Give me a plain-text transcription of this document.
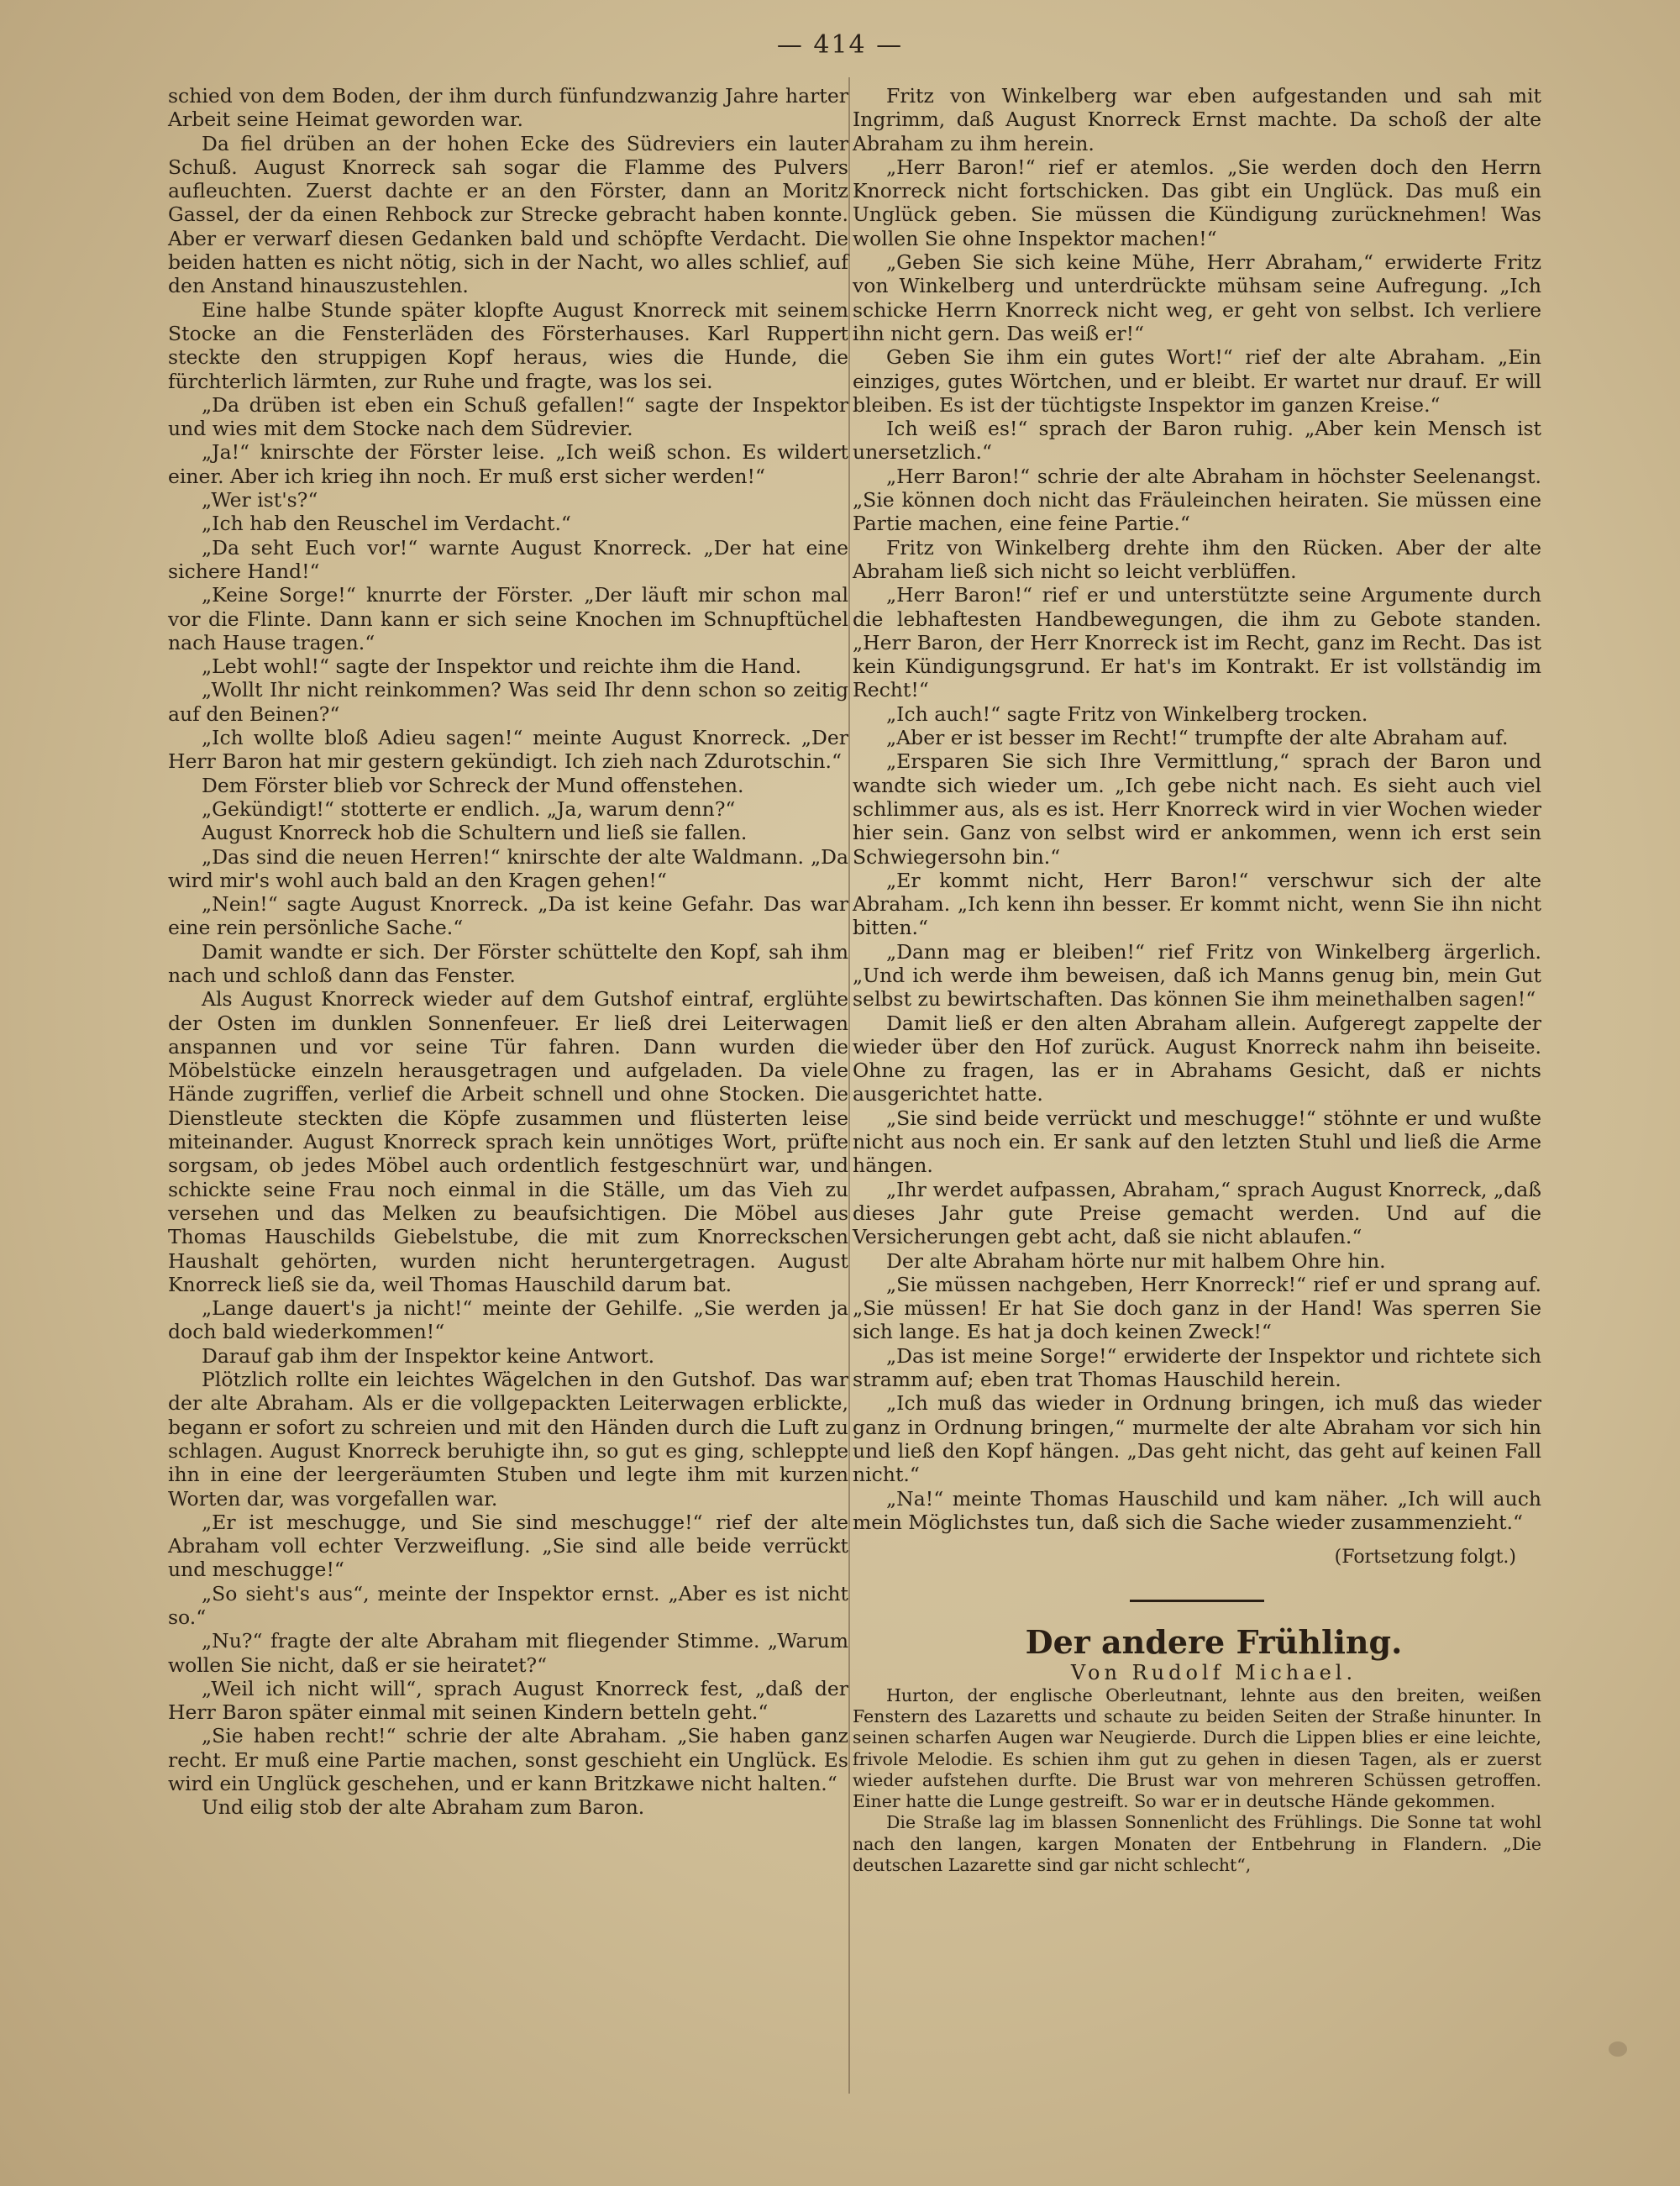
— 414 —

schied von dem Boden, der ihm durch fünfundzwanzig Jahre harter Arbeit seine Heimat geworden war.

Da fiel drüben an der hohen Ecke des Südreviers ein lauter Schuß. August Knorreck sah sogar die Flamme des Pulvers aufleuchten. Zuerst dachte er an den Förster, dann an Moritz Gassel, der da einen Rehbock zur Strecke gebracht haben konnte. Aber er verwarf diesen Gedanken bald und schöpfte Verdacht. Die beiden hatten es nicht nötig, sich in der Nacht, wo alles schlief, auf den Anstand hinauszustehlen.

Eine halbe Stunde später klopfte August Knorreck mit seinem Stocke an die Fensterläden des Försterhauses. Karl Ruppert steckte den struppigen Kopf heraus, wies die Hunde, die fürchterlich lärmten, zur Ruhe und fragte, was los sei.

„Da drüben ist eben ein Schuß gefallen!“ sagte der Inspektor und wies mit dem Stocke nach dem Südrevier.

„Ja!“ knirschte der Förster leise. „Ich weiß schon. Es wildert einer. Aber ich krieg ihn noch. Er muß erst sicher werden!“

„Wer ist's?“

„Ich hab den Reuschel im Verdacht.“

„Da seht Euch vor!“ warnte August Knorreck. „Der hat eine sichere Hand!“

„Keine Sorge!“ knurrte der Förster. „Der läuft mir schon mal vor die Flinte. Dann kann er sich seine Knochen im Schnupftüchel nach Hause tragen.“

„Lebt wohl!“ sagte der Inspektor und reichte ihm die Hand.

„Wollt Ihr nicht reinkommen? Was seid Ihr denn schon so zeitig auf den Beinen?“

„Ich wollte bloß Adieu sagen!“ meinte August Knorreck. „Der Herr Baron hat mir gestern gekündigt. Ich zieh nach Zdurotschin.“

Dem Förster blieb vor Schreck der Mund offenstehen.

„Gekündigt!“ stotterte er endlich. „Ja, warum denn?“

August Knorreck hob die Schultern und ließ sie fallen.

„Das sind die neuen Herren!“ knirschte der alte Waldmann. „Da wird mir's wohl auch bald an den Kragen gehen!“

„Nein!“ sagte August Knorreck. „Da ist keine Gefahr. Das war eine rein persönliche Sache.“

Damit wandte er sich. Der Förster schüttelte den Kopf, sah ihm nach und schloß dann das Fenster.

Als August Knorreck wieder auf dem Gutshof eintraf, erglühte der Osten im dunklen Sonnenfeuer. Er ließ drei Leiterwagen anspannen und vor seine Tür fahren. Dann wurden die Möbelstücke einzeln herausgetragen und aufgeladen. Da viele Hände zugriffen, verlief die Arbeit schnell und ohne Stocken. Die Dienstleute steckten die Köpfe zusammen und flüsterten leise miteinander. August Knorreck sprach kein unnötiges Wort, prüfte sorgsam, ob jedes Möbel auch ordentlich festgeschnürt war, und schickte seine Frau noch einmal in die Ställe, um das Vieh zu versehen und das Melken zu beaufsichtigen. Die Möbel aus Thomas Hauschilds Giebelstube, die mit zum Knorreckschen Haushalt gehörten, wurden nicht heruntergetragen. August Knorreck ließ sie da, weil Thomas Hauschild darum bat.

„Lange dauert's ja nicht!“ meinte der Gehilfe. „Sie werden ja doch bald wiederkommen!“

Darauf gab ihm der Inspektor keine Antwort.

Plötzlich rollte ein leichtes Wägelchen in den Gutshof. Das war der alte Abraham. Als er die vollgepackten Leiterwagen erblickte, begann er sofort zu schreien und mit den Händen durch die Luft zu schlagen. August Knorreck beruhigte ihn, so gut es ging, schleppte ihn in eine der leergeräumten Stuben und legte ihm mit kurzen Worten dar, was vorgefallen war.

„Er ist meschugge, und Sie sind meschugge!“ rief der alte Abraham voll echter Verzweiflung. „Sie sind alle beide verrückt und meschugge!“

„So sieht's aus“, meinte der Inspektor ernst. „Aber es ist nicht so.“

„Nu?“ fragte der alte Abraham mit fliegender Stimme. „Warum wollen Sie nicht, daß er sie heiratet?“

„Weil ich nicht will“, sprach August Knorreck fest, „daß der Herr Baron später einmal mit seinen Kindern betteln geht.“

„Sie haben recht!“ schrie der alte Abraham. „Sie haben ganz recht. Er muß eine Partie machen, sonst geschieht ein Unglück. Es wird ein Unglück geschehen, und er kann Britzkawe nicht halten.“

Und eilig stob der alte Abraham zum Baron.

Fritz von Winkelberg war eben aufgestanden und sah mit Ingrimm, daß August Knorreck Ernst machte. Da schoß der alte Abraham zu ihm herein.

„Herr Baron!“ rief er atemlos. „Sie werden doch den Herrn Knorreck nicht fortschicken. Das gibt ein Unglück. Das muß ein Unglück geben. Sie müssen die Kündigung zurücknehmen! Was wollen Sie ohne Inspektor machen!“

„Geben Sie sich keine Mühe, Herr Abraham,“ erwiderte Fritz von Winkelberg und unterdrückte mühsam seine Aufregung. „Ich schicke Herrn Knorreck nicht weg, er geht von selbst. Ich verliere ihn nicht gern. Das weiß er!“

Geben Sie ihm ein gutes Wort!“ rief der alte Abraham. „Ein einziges, gutes Wörtchen, und er bleibt. Er wartet nur drauf. Er will bleiben. Es ist der tüchtigste Inspektor im ganzen Kreise.“

Ich weiß es!“ sprach der Baron ruhig. „Aber kein Mensch ist unersetzlich.“

„Herr Baron!“ schrie der alte Abraham in höchster Seelenangst. „Sie können doch nicht das Fräuleinchen heiraten. Sie müssen eine Partie machen, eine feine Partie.“

Fritz von Winkelberg drehte ihm den Rücken. Aber der alte Abraham ließ sich nicht so leicht verblüffen.

„Herr Baron!“ rief er und unterstützte seine Argumente durch die lebhaftesten Handbewegungen, die ihm zu Gebote standen. „Herr Baron, der Herr Knorreck ist im Recht, ganz im Recht. Das ist kein Kündigungsgrund. Er hat's im Kontrakt. Er ist vollständig im Recht!“

„Ich auch!“ sagte Fritz von Winkelberg trocken.

„Aber er ist besser im Recht!“ trumpfte der alte Abraham auf.

„Ersparen Sie sich Ihre Vermittlung,“ sprach der Baron und wandte sich wieder um. „Ich gebe nicht nach. Es sieht auch viel schlimmer aus, als es ist. Herr Knorreck wird in vier Wochen wieder hier sein. Ganz von selbst wird er ankommen, wenn ich erst sein Schwiegersohn bin.“

„Er kommt nicht, Herr Baron!“ verschwur sich der alte Abraham. „Ich kenn ihn besser. Er kommt nicht, wenn Sie ihn nicht bitten.“

„Dann mag er bleiben!“ rief Fritz von Winkelberg ärgerlich. „Und ich werde ihm beweisen, daß ich Manns genug bin, mein Gut selbst zu bewirtschaften. Das können Sie ihm meinethalben sagen!“

Damit ließ er den alten Abraham allein. Aufgeregt zappelte der wieder über den Hof zurück. August Knorreck nahm ihn beiseite. Ohne zu fragen, las er in Abrahams Gesicht, daß er nichts ausgerichtet hatte.

„Sie sind beide verrückt und meschugge!“ stöhnte er und wußte nicht aus noch ein. Er sank auf den letzten Stuhl und ließ die Arme hängen.

„Ihr werdet aufpassen, Abraham,“ sprach August Knorreck, „daß dieses Jahr gute Preise gemacht werden. Und auf die Versicherungen gebt acht, daß sie nicht ablaufen.“

Der alte Abraham hörte nur mit halbem Ohre hin.

„Sie müssen nachgeben, Herr Knorreck!“ rief er und sprang auf. „Sie müssen! Er hat Sie doch ganz in der Hand! Was sperren Sie sich lange. Es hat ja doch keinen Zweck!“

„Das ist meine Sorge!“ erwiderte der Inspektor und richtete sich stramm auf; eben trat Thomas Hauschild herein.

„Ich muß das wieder in Ordnung bringen, ich muß das wieder ganz in Ordnung bringen,“ murmelte der alte Abraham vor sich hin und ließ den Kopf hängen. „Das geht nicht, das geht auf keinen Fall nicht.“

„Na!“ meinte Thomas Hauschild und kam näher. „Ich will auch mein Möglichstes tun, daß sich die Sache wieder zusammenzieht.“

(Fortsetzung folgt.)

Der andere Frühling.

Von Rudolf Michael.

Hurton, der englische Oberleutnant, lehnte aus den breiten, weißen Fenstern des Lazaretts und schaute zu beiden Seiten der Straße hinunter. In seinen scharfen Augen war Neugierde. Durch die Lippen blies er eine leichte, frivole Melodie. Es schien ihm gut zu gehen in diesen Tagen, als er zuerst wieder aufstehen durfte. Die Brust war von mehreren Schüssen getroffen. Einer hatte die Lunge gestreift. So war er in deutsche Hände gekommen.

Die Straße lag im blassen Sonnenlicht des Frühlings. Die Sonne tat wohl nach den langen, kargen Monaten der Entbehrung in Flandern. „Die deutschen Lazarette sind gar nicht schlecht“,
